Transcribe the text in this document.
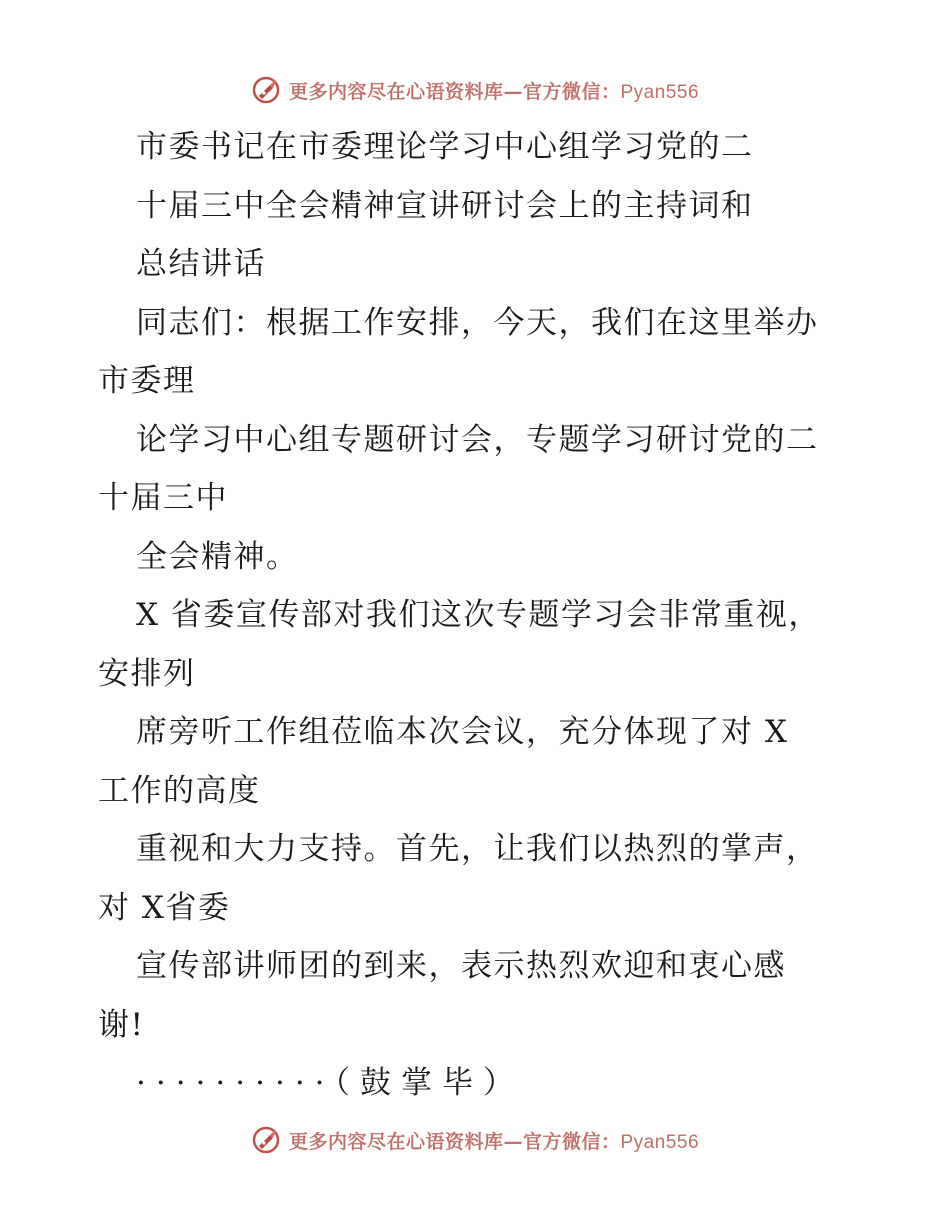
更多内容尽在心语资料库—官方微信：Pyan556
市委书记在市委理论学习中心组学习党的二
十届三中全会精神宣讲研讨会上的主持词和
总结讲话
同志们：根据工作安排，今天，我们在这里举办
市委理
论学习中心组专题研讨会，专题学习研讨党的二
十届三中
全会精神。
X 省委宣传部对我们这次专题学习会非常重视，
安排列
席旁听工作组莅临本次会议，充分体现了对 X
工作的高度
重视和大力支持。首先，让我们以热烈的掌声，
对 X省委
宣传部讲师团的到来，表示热烈欢迎和衷心感
谢!
··········（鼓掌毕）
更多内容尽在心语资料库—官方微信：Pyan556
